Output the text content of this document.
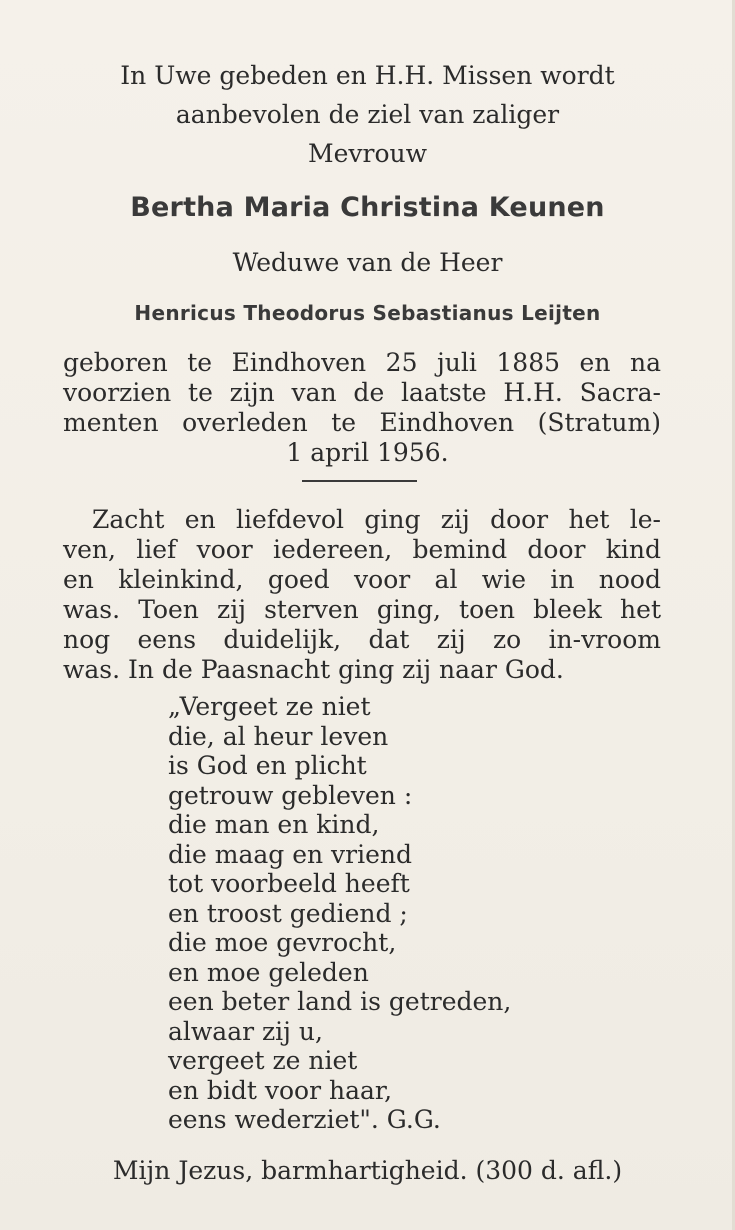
In Uwe gebeden en H.H. Missen wordt
aanbevolen de ziel van zaliger
Mevrouw
Bertha Maria Christina Keunen
Weduwe van de Heer
Henricus Theodorus Sebastianus Leijten
geboren te Eindhoven 25 juli 1885 en na
voorzien te zijn van de laatste H.H. Sacra-
menten overleden te Eindhoven (Stratum)
1 april 1956.
Zacht en liefdevol ging zij door het le-
ven, lief voor iedereen, bemind door kind
en kleinkind, goed voor al wie in nood
was. Toen zij sterven ging, toen bleek het
nog eens duidelijk, dat zij zo in-vroom
was. In de Paasnacht ging zij naar God.
„Vergeet ze niet
die, al heur leven
is God en plicht
getrouw gebleven :
die man en kind,
die maag en vriend
tot voorbeeld heeft
en troost gediend ;
die moe gevrocht,
en moe geleden
een beter land is getreden,
alwaar zij u,
vergeet ze niet
en bidt voor haar,
eens wederziet". G.G.
Mijn Jezus, barmhartigheid. (300 d. afl.)
